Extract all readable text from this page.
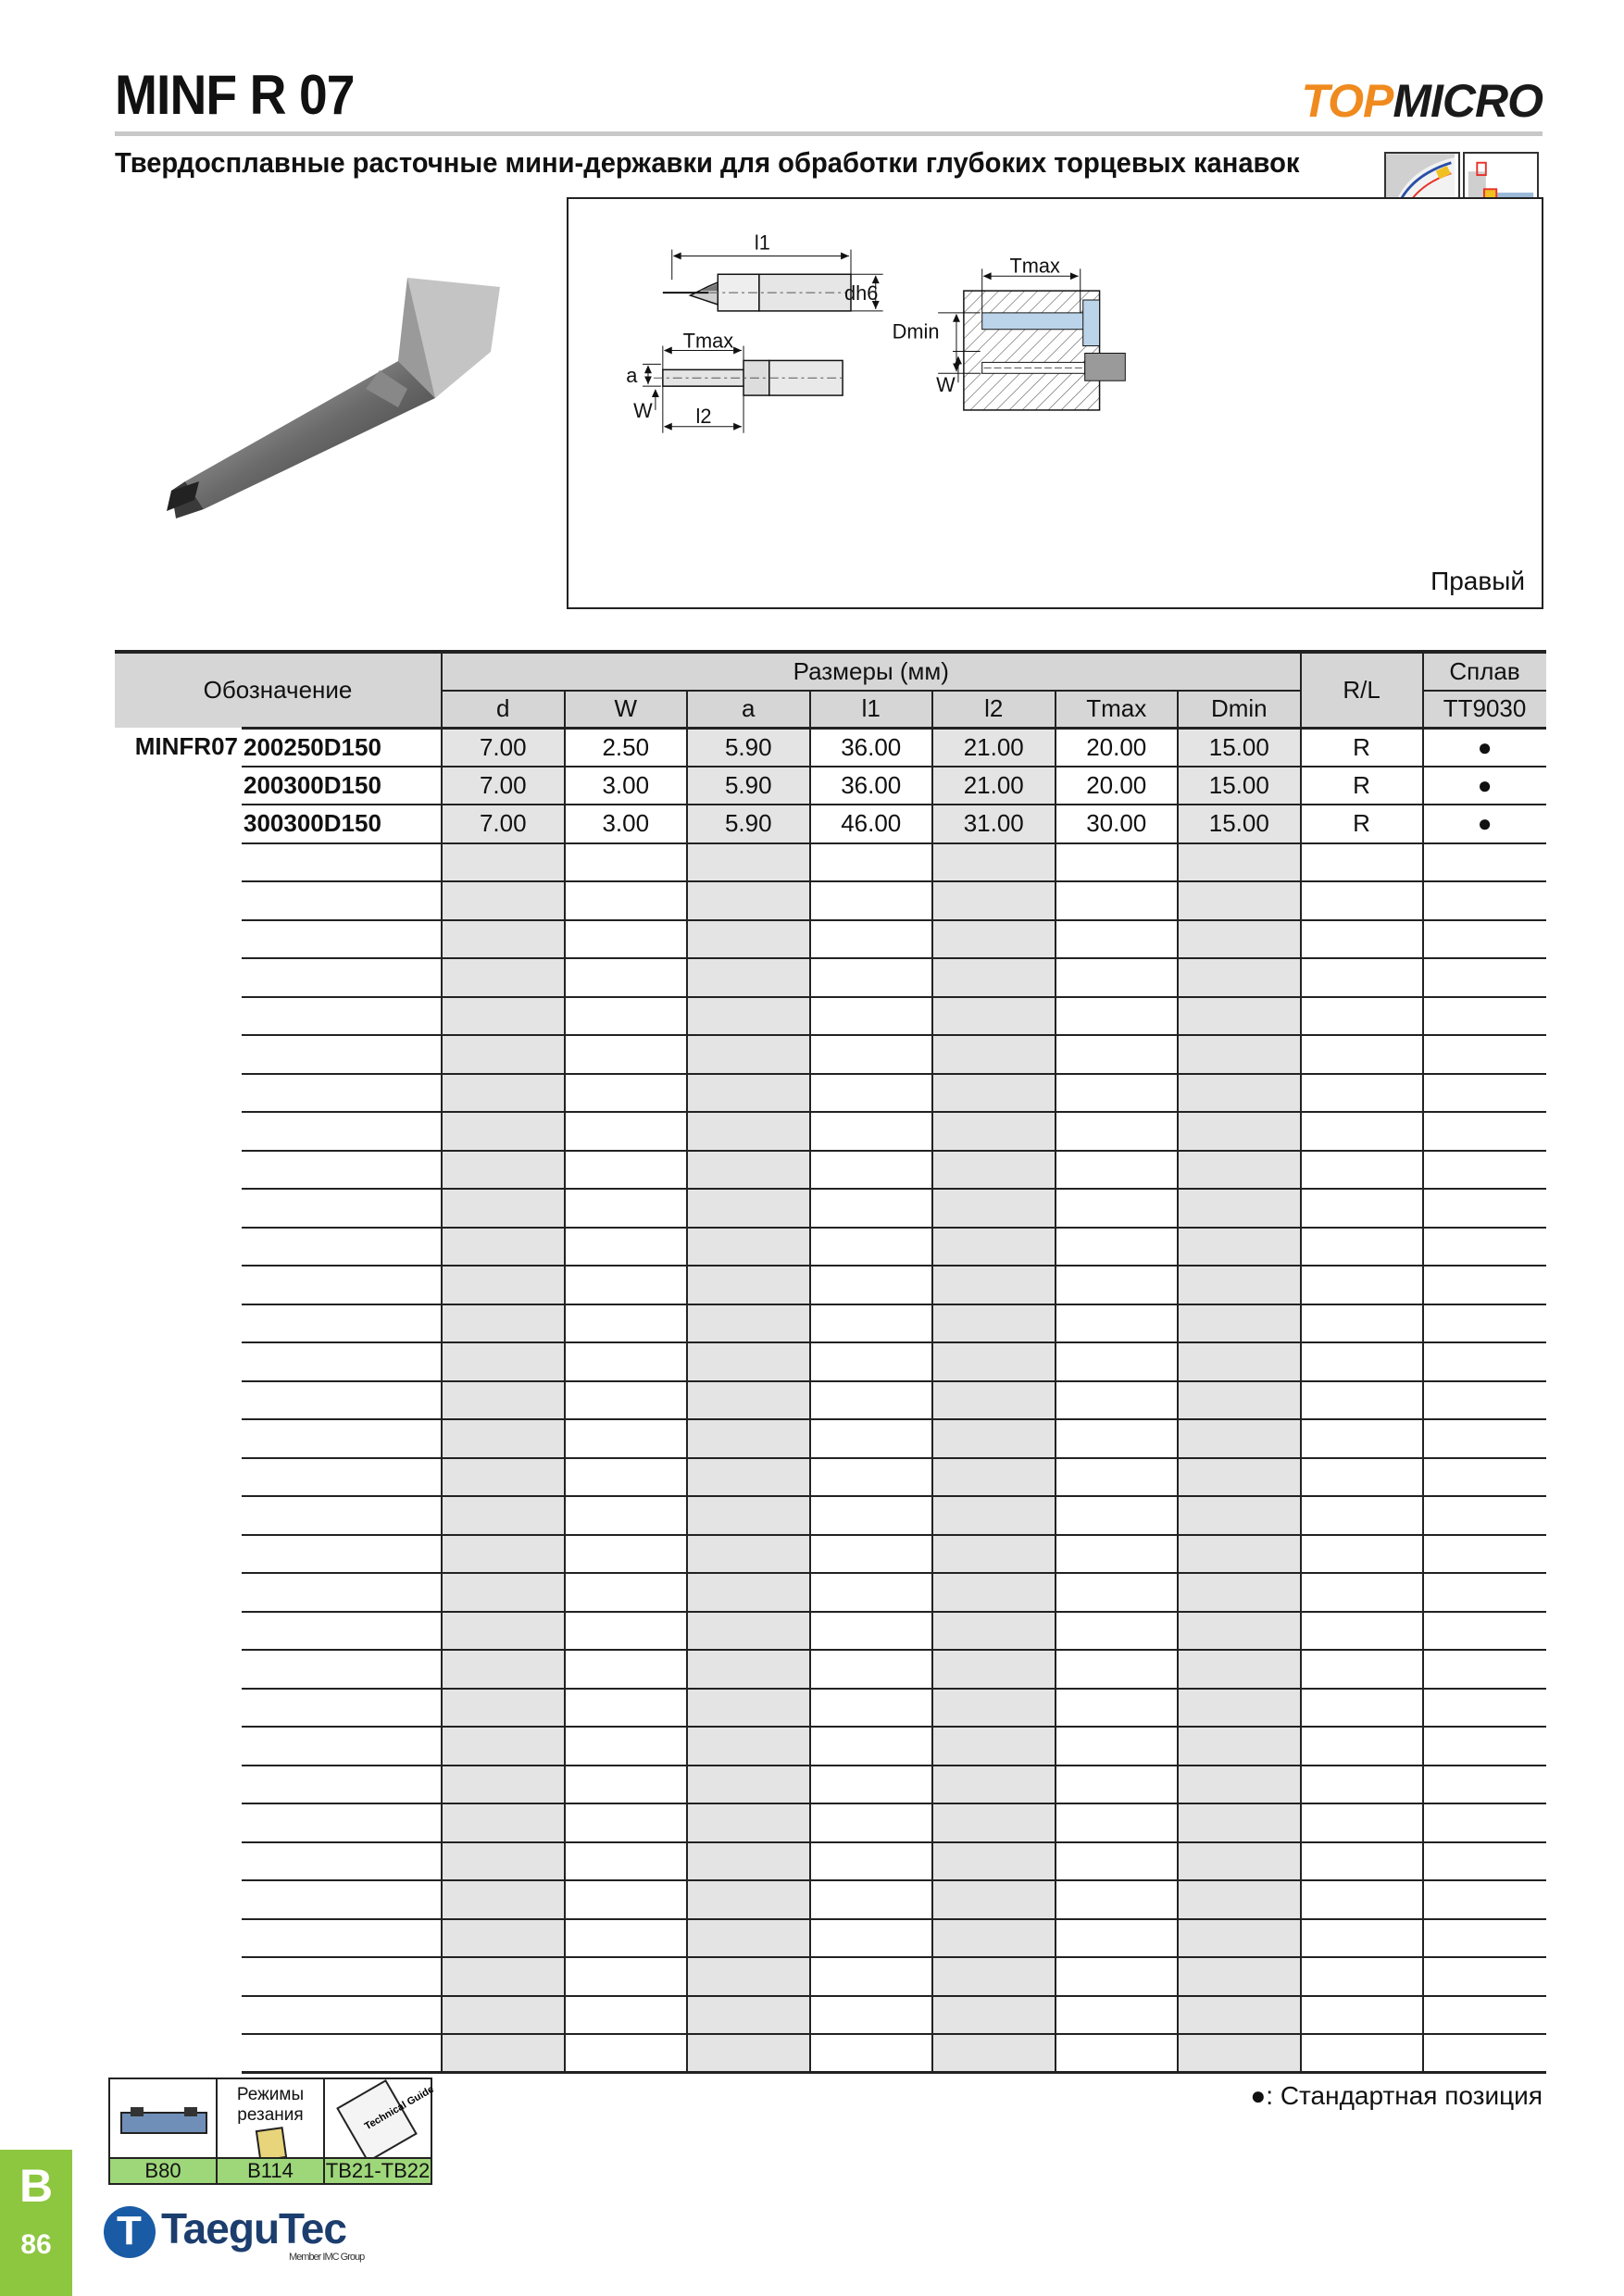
MINF R 07	TOPMICRO
Твердосплавные расточные мини-державки для обработки глубоких торцевых канавок
l1
dh6
Tmax
a
W l2
Tmax
Dmin
W
Правый
Обозначение		Размеры (мм)							R/L	Сплав
		d	W	a	l1	l2	Tmax	Dmin		TT9030
MINFR07	200250D150	7.00	2.50	5.90	36.00	21.00	20.00	15.00	R	●
	200300D150	7.00	3.00	5.90	36.00	21.00	20.00	15.00	R	●
	300300D150	7.00	3.00	5.90	46.00	31.00	30.00	15.00	R	●

B80
Режимы резания
B114
Technical Guide
TB21-TB22
●: Стандартная позиция
B
86 T	TaeguTec
Member IMC Group
